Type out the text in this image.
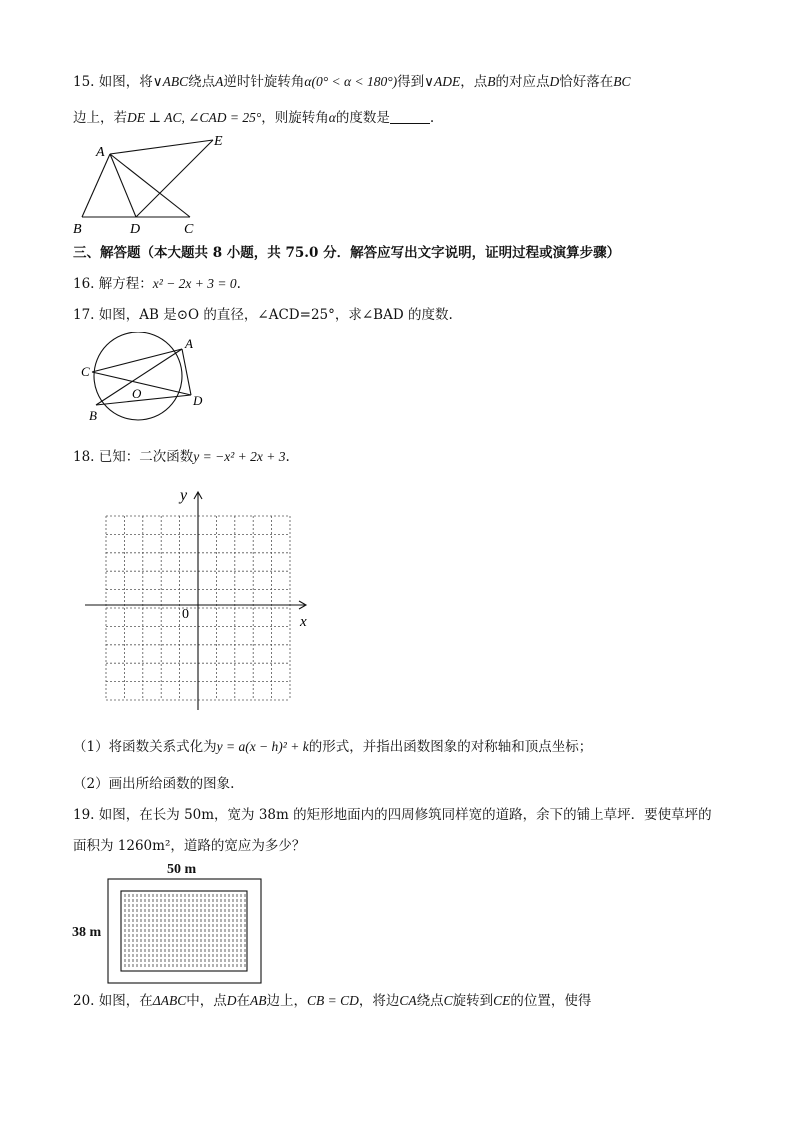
15. 如图，将∨ABC绕点A逆时针旋转角α(0° < α < 180°)得到∨ADE，点B的对应点D恰好落在BC
边上，若DE ⊥ AC, ∠CAD = 25°，则旋转角α的度数是	.
A
E
B	D	C
三、解答题（本大题共 8 小题，共 75.0 分．解答应写出文字说明，证明过程或演算步骤）
16. 解方程：x² − 2x + 3 = 0.
17. 如图，AB 是⊙O 的直径，∠ACD=25°，求∠BAD 的度数.
A
C
O	D
B
18. 已知：二次函数y = −x² + 2x + 3.
y
x
0
（1）将函数关系式化为y = a(x − h)² + k的形式，并指出函数图象的对称轴和顶点坐标；
（2）画出所给函数的图象.
19. 如图，在长为 50m，宽为 38m 的矩形地面内的四周修筑同样宽的道路，余下的铺上草坪．要使草坪的
面积为 1260m²，道路的宽应为多少？
50 m
38 m
20. 如图，在ΔABC中，点D在AB边上，CB = CD，将边CA绕点C旋转到CE的位置，使得
